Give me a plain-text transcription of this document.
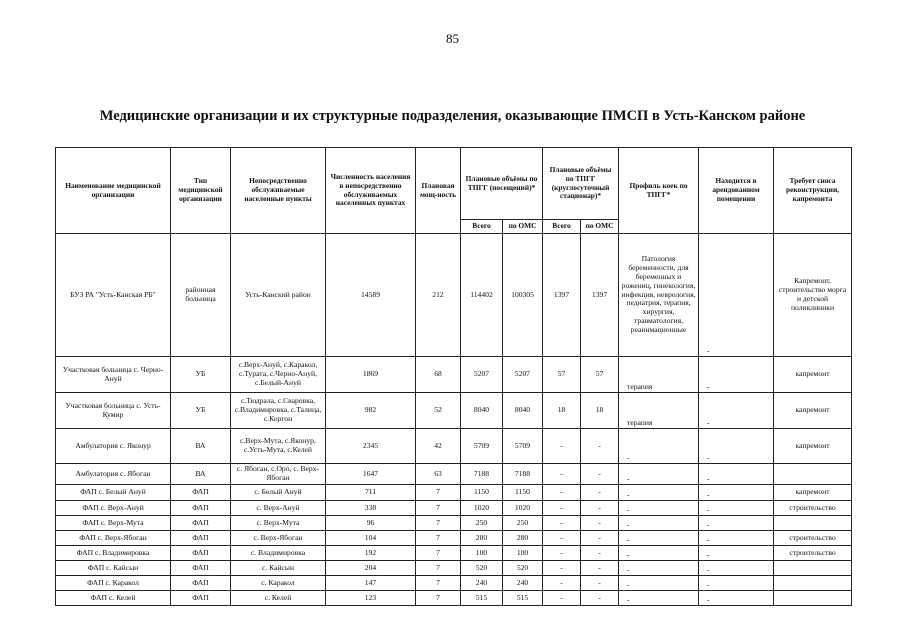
85
Медицинские организации и их структурные подразделения, оказывающие ПМСП в Усть-Канском районе
Наименование медицинской организации	Тип медицинской организации	Непосредственно обслуживаемые населенные пункты	Численность населения в непосредственно обслуживаемых населенных пунктах	Плановая мощ-ность	Плановые объёмы по ТПГГ (посещений)*		Плановые объёмы по ТПГГ (круглосуточный стационар)*		Профиль коек по ТПГГ*	Находится в арендованном помещении	Требует сноса реконструкции, капремонта
					Всего	по ОМС	Всего	по ОМС			
БУЗ РА "Усть-Канская РБ"	районная больница	Усть-Канский район	14589	212	114402	100305	1397	1397	Патология беременности, для беременных и рожениц, гинекология, инфекция, неврология, педиатрия, терапия, хирургия, травматология, реанимационные	-	Капремонт, строительство морга и детской поликлиники
Участковая больница с. Черно-Ануй	УБ	с.Верх-Ануй, с.Каракол, с.Турата, с.Черно-Ануй, с.Белый-Ануй	1869	68	5207	5207	57	57	терапия	-	капремонт
Участковая больница с. Усть-Кумир	УБ	с.Тюдрала, с.Сваровка, с.Владимировка, с.Талица, с.Коргон	982	52	8040	8040	18	18	терапия	-	капремонт
Амбулатория с. Яконур	ВА	с.Верх-Мута, с.Яконур, с.Усть-Мута, с.Келей	2345	42	5709	5709	-	-	-	-	капремонт
Амбулатория с. Ябоган	ВА	с. Ябоган, с.Оро, с. Верх-Ябоган	1647	63	7188	7188	-	-	-	-	
ФАП с. Белый Ануй	ФАП	с. Белый Ануй	711	7	1150	1150	-	-	-	-	капремонт
ФАП с. Верх-Ануй	ФАП	с. Верх-Ануй	338	7	1020	1020	-	-	-	-	строительство
ФАП с. Верх-Мута	ФАП	с. Верх-Мута	96	7	250	250	-	-	-	-	
ФАП с. Верх-Ябоган	ФАП	с. Верх-Ябоган	104	7	280	280	-	-	-	-	строительство
ФАП с. Владимировка	ФАП	с. Владимировка	192	7	100	100	-	-	-	-	строительство
ФАП с. Кайсын	ФАП	с. Кайсын	204	7	520	520	-	-	-	-	
ФАП с. Каракол	ФАП	с. Каракол	147	7	240	240	-	-	-	-	
ФАП с. Келей	ФАП	с. Келей	123	7	515	515	-	-	-	-	
